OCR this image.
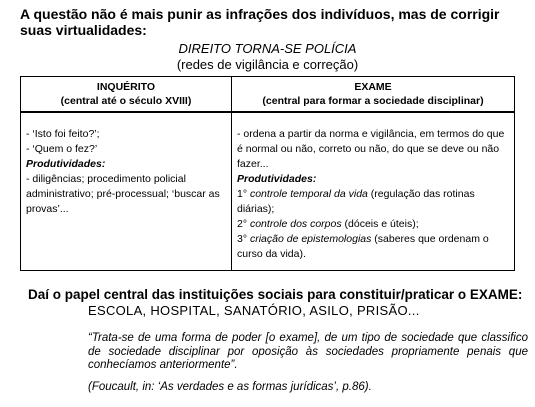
A questão não é mais punir as infrações dos indivíduos, mas de corrigir suas virtualidades:
DIREITO TORNA-SE POLÍCIA
(redes de vigilância e correção)
INQUÉRITO
(central até o século XVIII)
EXAME
(central para formar a sociedade disciplinar)

- ‘Isto foi feito?’;

- ‘Quem o fez?’

Produtividades:

- diligências; procedimento policial administrativo; pré-processual; ‘buscar as provas’...

- ordena a partir da norma e vigilância, em termos do que é normal ou não, correto ou não, do que se deve ou não fazer...

Produtividades:

1° controle temporal da vida (regulação das rotinas diárias);

2° controle dos corpos (dóceis e úteis);

3° criação de epistemologias (saberes que ordenam o curso da vida).

Daí o papel central das instituições sociais para constituir/praticar o EXAME:
ESCOLA, HOSPITAL, SANATÓRIO, ASILO, PRISÃO...
“Trata-se de uma forma de poder [o exame], de um tipo de sociedade que classifico de sociedade disciplinar por oposição às sociedades propriamente penais que conhecíamos anteriormente”.
(Foucault, in: ‘As verdades e as formas jurídicas’, p.86).
